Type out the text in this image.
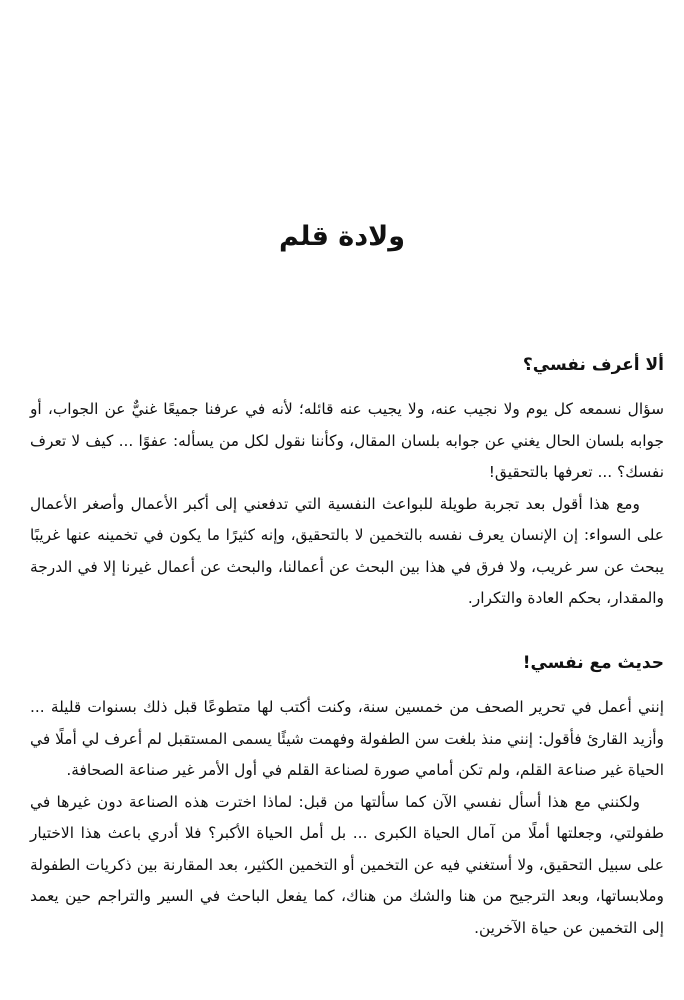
ولادة قلم
ألا أعرف نفسي؟

سؤال نسمعه كل يوم ولا نجيب عنه، ولا يجيب عنه قائله؛ لأنه في عرفنا جميعًا غنيٌّ عن الجواب، أو جوابه بلسان الحال يغني عن جوابه بلسان المقال، وكأننا نقول لكل من يسأله: عفوًا ... كيف لا تعرف نفسك؟ ... تعرفها بالتحقيق!

ومع هذا أقول بعد تجربة طويلة للبواعث النفسية التي تدفعني إلى أكبر الأعمال وأصغر الأعمال على السواء: إن الإنسان يعرف نفسه بالتخمين لا بالتحقيق، وإنه كثيرًا ما يكون في تخمينه عنها غريبًا يبحث عن سر غريب، ولا فرق في هذا بين البحث عن أعمالنا، والبحث عن أعمال غيرنا إلا في الدرجة والمقدار، بحكم العادة والتكرار.

حديث مع نفسي!

إنني أعمل في تحرير الصحف من خمسين سنة، وكنت أكتب لها متطوعًا قبل ذلك بسنوات قليلة ... وأزيد القارئ فأقول: إنني منذ بلغت سن الطفولة وفهمت شيئًا يسمى المستقبل لم أعرف لي أملًا في الحياة غير صناعة القلم، ولم تكن أمامي صورة لصناعة القلم في أول الأمر غير صناعة الصحافة.

ولكنني مع هذا أسأل نفسي الآن كما سألتها من قبل: لماذا اخترت هذه الصناعة دون غيرها في طفولتي، وجعلتها أملًا من آمال الحياة الكبرى ... بل أمل الحياة الأكبر؟ فلا أدري باعث هذا الاختيار على سبيل التحقيق، ولا أستغني فيه عن التخمين أو التخمين الكثير، بعد المقارنة بين ذكريات الطفولة وملابساتها، وبعد الترجيح من هنا والشك من هناك، كما يفعل الباحث في السير والتراجم حين يعمد إلى التخمين عن حياة الآخرين.
